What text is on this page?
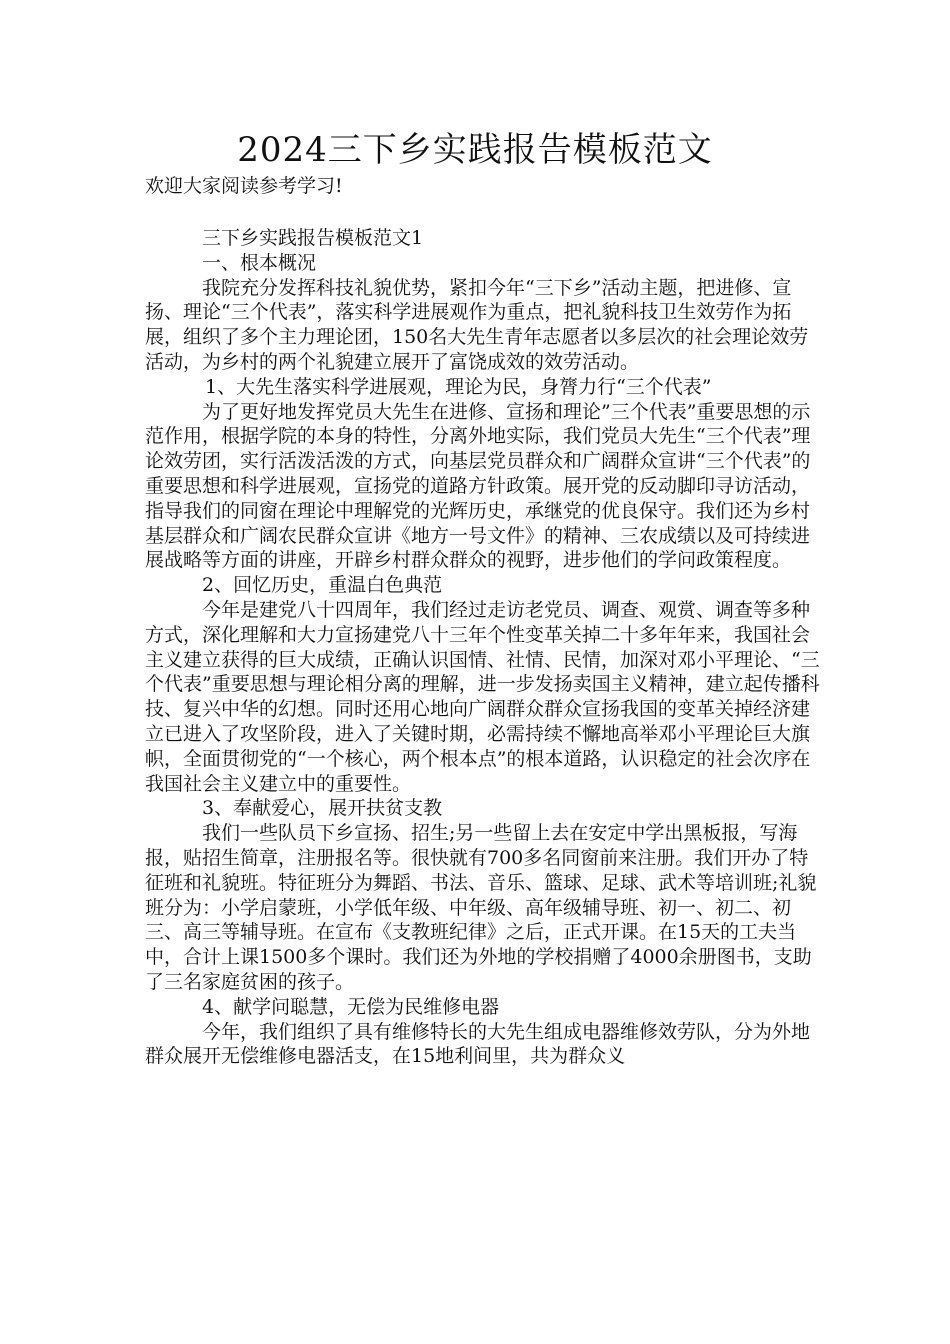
2024三下乡实践报告模板范文
欢迎大家阅读参考学习!

三下乡实践报告模板范文1

一、根本概况

我院充分发挥科技礼貌优势，紧扣今年“三下乡”活动主题，把进修、宣扬、理论“三个代表”，落实科学进展观作为重点，把礼貌科技卫生效劳作为拓展，组织了多个主力理论团，150名大先生青年志愿者以多层次的社会理论效劳活动，为乡村的两个礼貌建立展开了富饶成效的效劳活动。

1、大先生落实科学进展观，理论为民，身膂力行“三个代表”

为了更好地发挥党员大先生在进修、宣扬和理论”三个代表”重要思想的示范作用，根据学院的本身的特性，分离外地实际，我们党员大先生“三个代表”理论效劳团，实行活泼活泼的方式，向基层党员群众和广阔群众宣讲“三个代表”的重要思想和科学进展观，宣扬党的道路方针政策。展开党的反动脚印寻访活动，指导我们的同窗在理论中理解党的光辉历史，承继党的优良保守。我们还为乡村基层群众和广阔农民群众宣讲《地方一号文件》的精神、三农成绩以及可持续进展战略等方面的讲座，开辟乡村群众群众的视野，进步他们的学问政策程度。

2、回忆历史，重温白色典范

今年是建党八十四周年，我们经过走访老党员、调查、观赏、调查等多种方式，深化理解和大力宣扬建党八十三年个性变革关掉二十多年年来，我国社会主义建立获得的巨大成绩，正确认识国情、社情、民情，加深对邓小平理论、“三个代表”重要思想与理论相分离的理解，进一步发扬卖国主义精神，建立起传播科技、复兴中华的幻想。同时还用心地向广阔群众群众宣扬我国的变革关掉经济建立已进入了攻坚阶段，进入了关键时期，必需持续不懈地高举邓小平理论巨大旗帜，全面贯彻党的“一个核心，两个根本点”的根本道路，认识稳定的社会次序在我国社会主义建立中的重要性。

3、奉献爱心，展开扶贫支教

我们一些队员下乡宣扬、招生;另一些留上去在安定中学出黑板报，写海报，贴招生简章，注册报名等。很快就有700多名同窗前来注册。我们开办了特征班和礼貌班。特征班分为舞蹈、书法、音乐、篮球、足球、武术等培训班;礼貌班分为：小学启蒙班，小学低年级、中年级、高年级辅导班、初一、初二、初三、高三等辅导班。在宣布《支教班纪律》之后，正式开课。在15天的工夫当中，合计上课1500多个课时。我们还为外地的学校捐赠了4000余册图书，支助了三名家庭贫困的孩子。

4、献学问聪慧，无偿为民维修电器

今年，我们组织了具有维修特长的大先生组成电器维修效劳队，分为外地群众展开无偿维修电器活支，在15地利间里，共为群众义
